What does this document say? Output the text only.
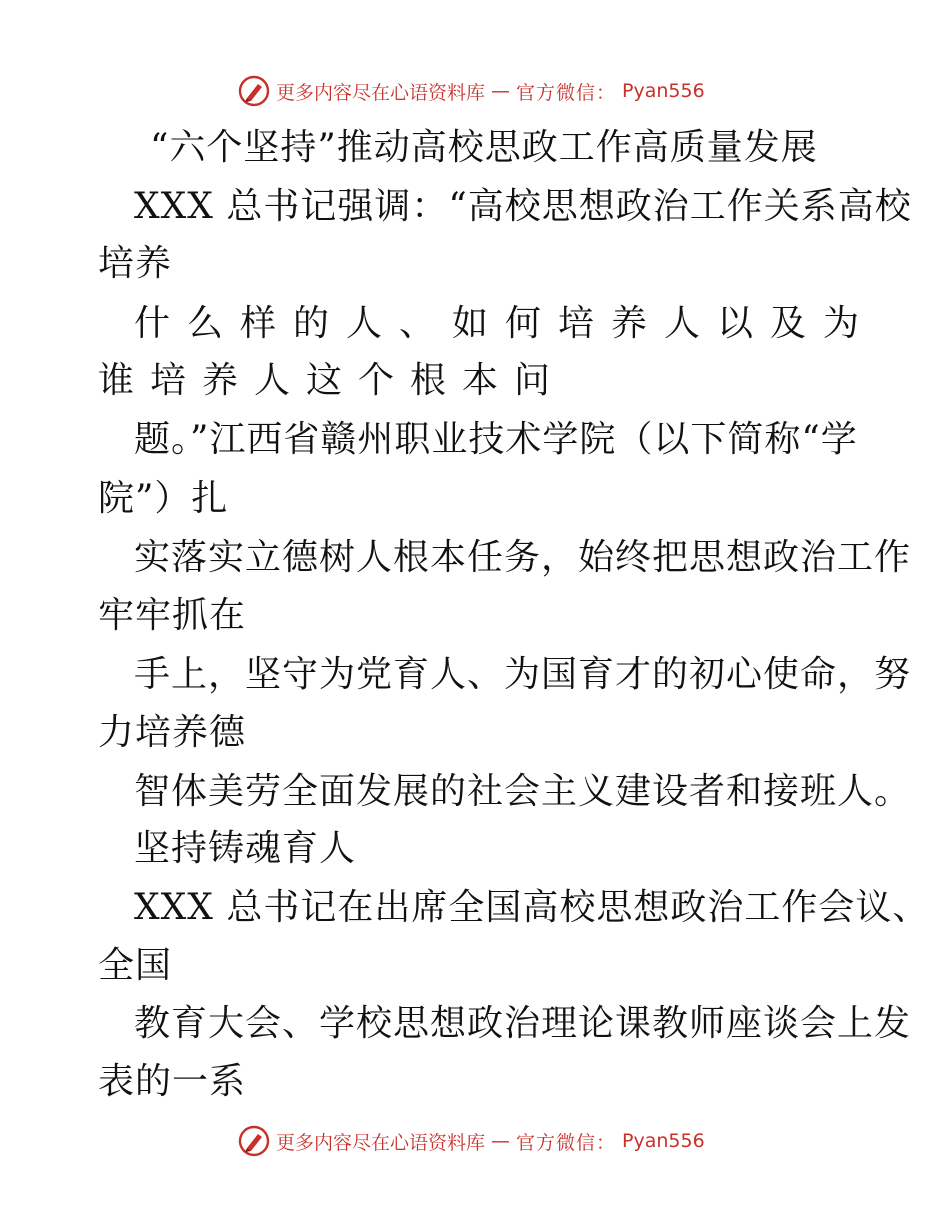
更多内容尽在心语资料库 — 官方微信： Pyan556
“六个坚持”推动高校思政工作高质量发展
XXX 总书记强调：“高校思想政治工作关系高校
培养
什么样的人、如何培养人以及为
谁培养人这个根本问
题。”江西省赣州职业技术学院（以下简称“学
院”）扎
实落实立德树人根本任务，始终把思想政治工作
牢牢抓在
手上，坚守为党育人、为国育才的初心使命，努
力培养德
智体美劳全面发展的社会主义建设者和接班人。
坚持铸魂育人
XXX 总书记在出席全国高校思想政治工作会议、
全国
教育大会、学校思想政治理论课教师座谈会上发
表的一系
更多内容尽在心语资料库 — 官方微信： Pyan556
